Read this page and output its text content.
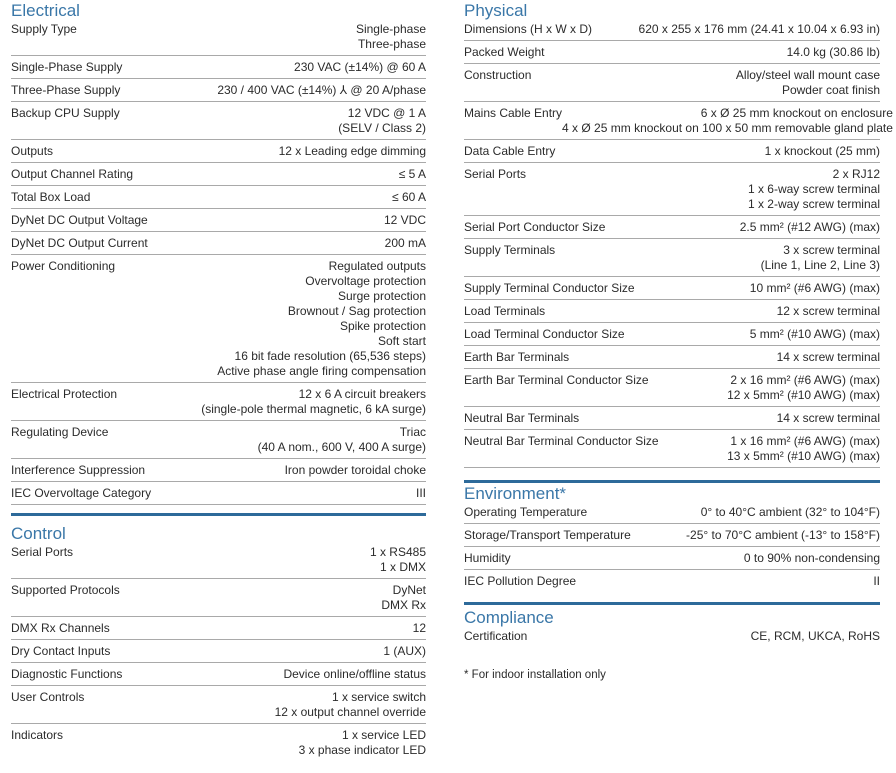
Electrical
Supply Type	Single-phase
Three-phase
Single-Phase Supply	230 VAC (±14%) @ 60 A
Three-Phase Supply	230 / 400 VAC (±14%) ⅄ @ 20 A/phase
Backup CPU Supply	12 VDC @ 1 A
(SELV / Class 2)
Outputs	12 x Leading edge dimming
Output Channel Rating	≤ 5 A
Total Box Load	≤ 60 A
DyNet DC Output Voltage	12 VDC
DyNet DC Output Current	200 mA
Power Conditioning	Regulated outputs
Overvoltage protection
Surge protection
Brownout / Sag protection
Spike protection
Soft start
16 bit fade resolution (65,536 steps)
Active phase angle firing compensation
Electrical Protection	12 x 6 A circuit breakers
(single-pole thermal magnetic, 6 kA surge)
Regulating Device	Triac
(40 A nom., 600 V, 400 A surge)
Interference Suppression	Iron powder toroidal choke
IEC Overvoltage Category	III
Control
Serial Ports	1 x RS485
1 x DMX
Supported Protocols	DyNet
DMX Rx
DMX Rx Channels	12
Dry Contact Inputs	1 (AUX)
Diagnostic Functions	Device online/offline status
User Controls	1 x service switch
12 x output channel override
Indicators	1 x service LED
3 x phase indicator LED
Physical
Dimensions (H x W x D)	620 x 255 x 176 mm (24.41 x 10.04 x 6.93 in)
Packed Weight	14.0 kg (30.86 lb)
Construction	Alloy/steel wall mount case
Powder coat finish
Mains Cable Entry	6 x Ø 25 mm knockout on enclosure
4 x Ø 25 mm knockout on 100 x 50 mm removable gland plate
Data Cable Entry	1 x knockout (25 mm)
Serial Ports	2 x RJ12
1 x 6-way screw terminal
1 x 2-way screw terminal
Serial Port Conductor Size	2.5 mm² (#12 AWG) (max)
Supply Terminals	3 x screw terminal
(Line 1, Line 2, Line 3)
Supply Terminal Conductor Size	10 mm² (#6 AWG) (max)
Load Terminals	12 x screw terminal
Load Terminal Conductor Size	5 mm² (#10 AWG) (max)
Earth Bar Terminals	14 x screw terminal
Earth Bar Terminal Conductor Size	2 x 16 mm² (#6 AWG) (max)
12 x 5mm² (#10 AWG) (max)
Neutral Bar Terminals	14 x screw terminal
Neutral Bar Terminal Conductor Size	1 x 16 mm² (#6 AWG) (max)
13 x 5mm² (#10 AWG) (max)
Environment*
Operating Temperature	0° to 40°C ambient (32° to 104°F)
Storage/Transport Temperature	-25° to 70°C ambient (-13° to 158°F)
Humidity	0 to 90% non-condensing
IEC Pollution Degree	II
Compliance
Certification	CE, RCM, UKCA, RoHS
* For indoor installation only
